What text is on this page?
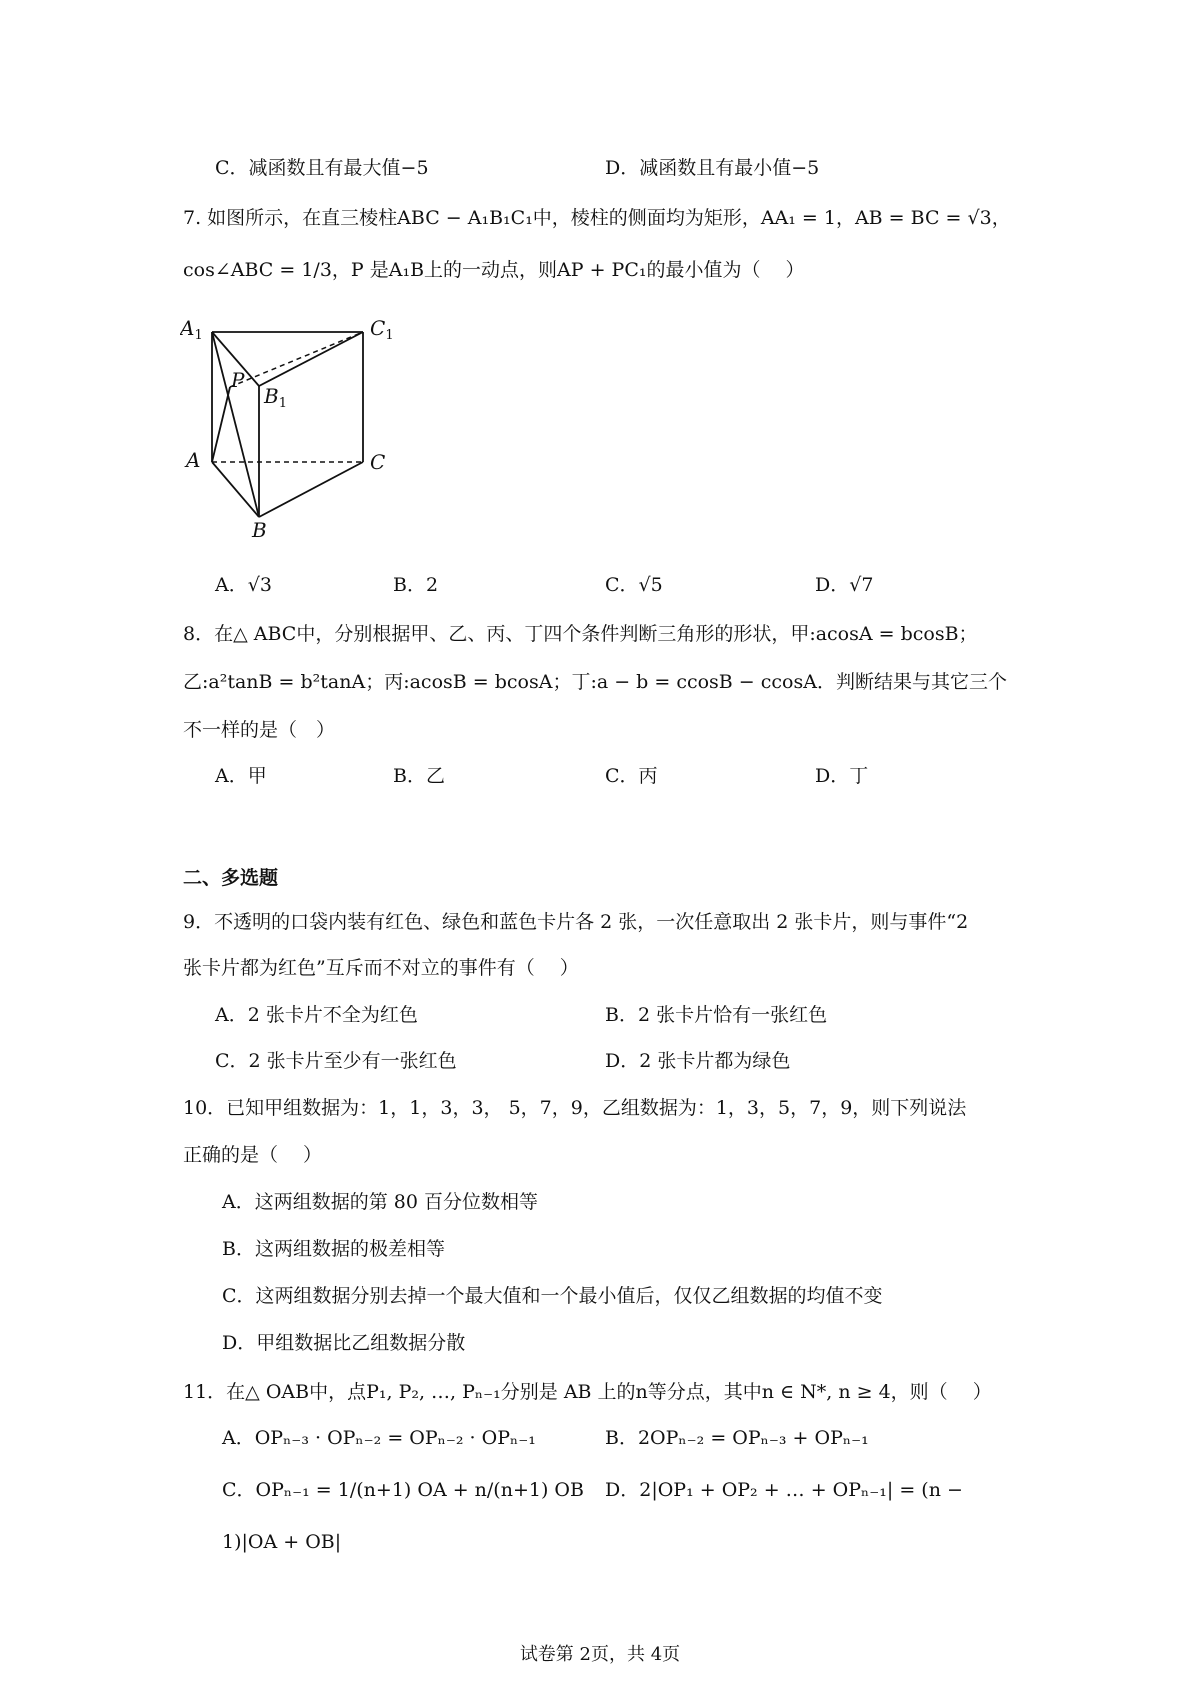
C．减函数且有最大值−5	D．减函数且有最小值−5
7. 如图所示，在直三棱柱ABC − A₁B₁C₁中，棱柱的侧面均为矩形，AA₁ = 1，AB = BC = √3，
cos∠ABC = 1/3，P 是A₁B上的一动点，则AP + PC₁的最小值为（　 ）
$A_1$	$C_1$
P
$B_1$
A	C
B
A．√3	B．2	C．√5	D．√7
8．在△ ABC中，分别根据甲、乙、丙、丁四个条件判断三角形的形状，甲:acosA = bcosB；
乙:a²tanB = b²tanA；丙:acosB = bcosA；丁:a − b = ccosB − ccosA．判断结果与其它三个
不一样的是（　）
A．甲	B．乙	C．丙	D．丁
二、多选题
9．不透明的口袋内装有红色、绿色和蓝色卡片各 2 张，一次任意取出 2 张卡片，则与事件“2
张卡片都为红色”互斥而不对立的事件有（　 ）
A．2 张卡片不全为红色	B．2 张卡片恰有一张红色
C．2 张卡片至少有一张红色	D．2 张卡片都为绿色
10．已知甲组数据为：1，1，3，3， 5，7，9，乙组数据为：1，3，5，7，9，则下列说法
正确的是（　 ）
A．这两组数据的第 80 百分位数相等
B．这两组数据的极差相等
C．这两组数据分别去掉一个最大值和一个最小值后，仅仅乙组数据的均值不变
D．甲组数据比乙组数据分散
11．在△ OAB中，点P₁, P₂, …, Pₙ₋₁分别是 AB 上的n等分点，其中n ∈ N*, n ≥ 4，则（　 ）
A．OPₙ₋₃ · OPₙ₋₂ = OPₙ₋₂ · OPₙ₋₁	B．2OPₙ₋₂ = OPₙ₋₃ + OPₙ₋₁
C．OPₙ₋₁ = 1/(n+1) OA + n/(n+1) OB D．2|OP₁ + OP₂ + … + OPₙ₋₁| = (n −
1)|OA + OB|
试卷第 2页，共 4页
